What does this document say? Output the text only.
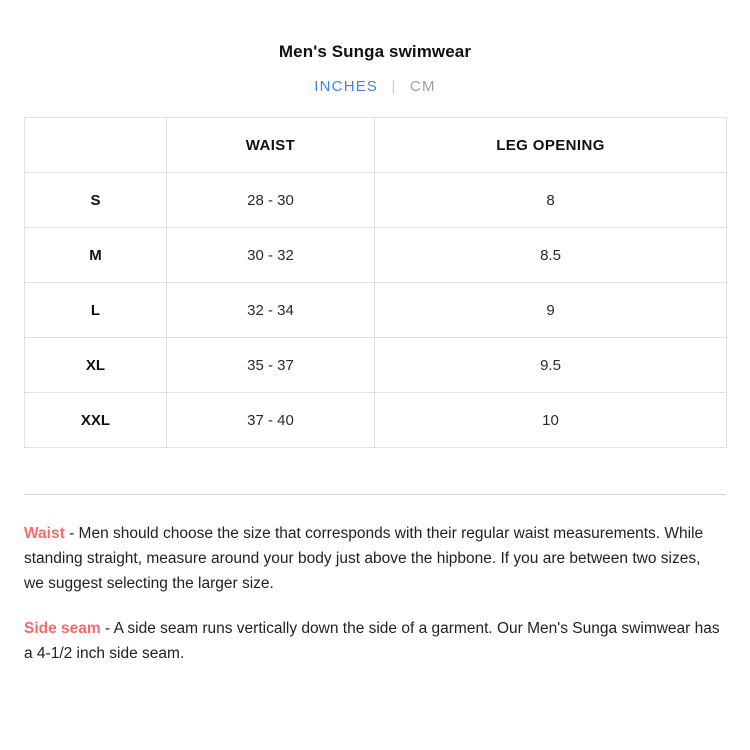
Men's Sunga swimwear
INCHES | CM
	WAIST	LEG OPENING
S	28 - 30	8
M	30 - 32	8.5
L	32 - 34	9
XL	35 - 37	9.5
XXL	37 - 40	10

Waist - Men should choose the size that corresponds with their regular waist measurements. While standing straight, measure around your body just above the hipbone. If you are between two sizes, we suggest selecting the larger size.

Side seam - A side seam runs vertically down the side of a garment. Our Men's Sunga swimwear has a 4-1/2 inch side seam.
